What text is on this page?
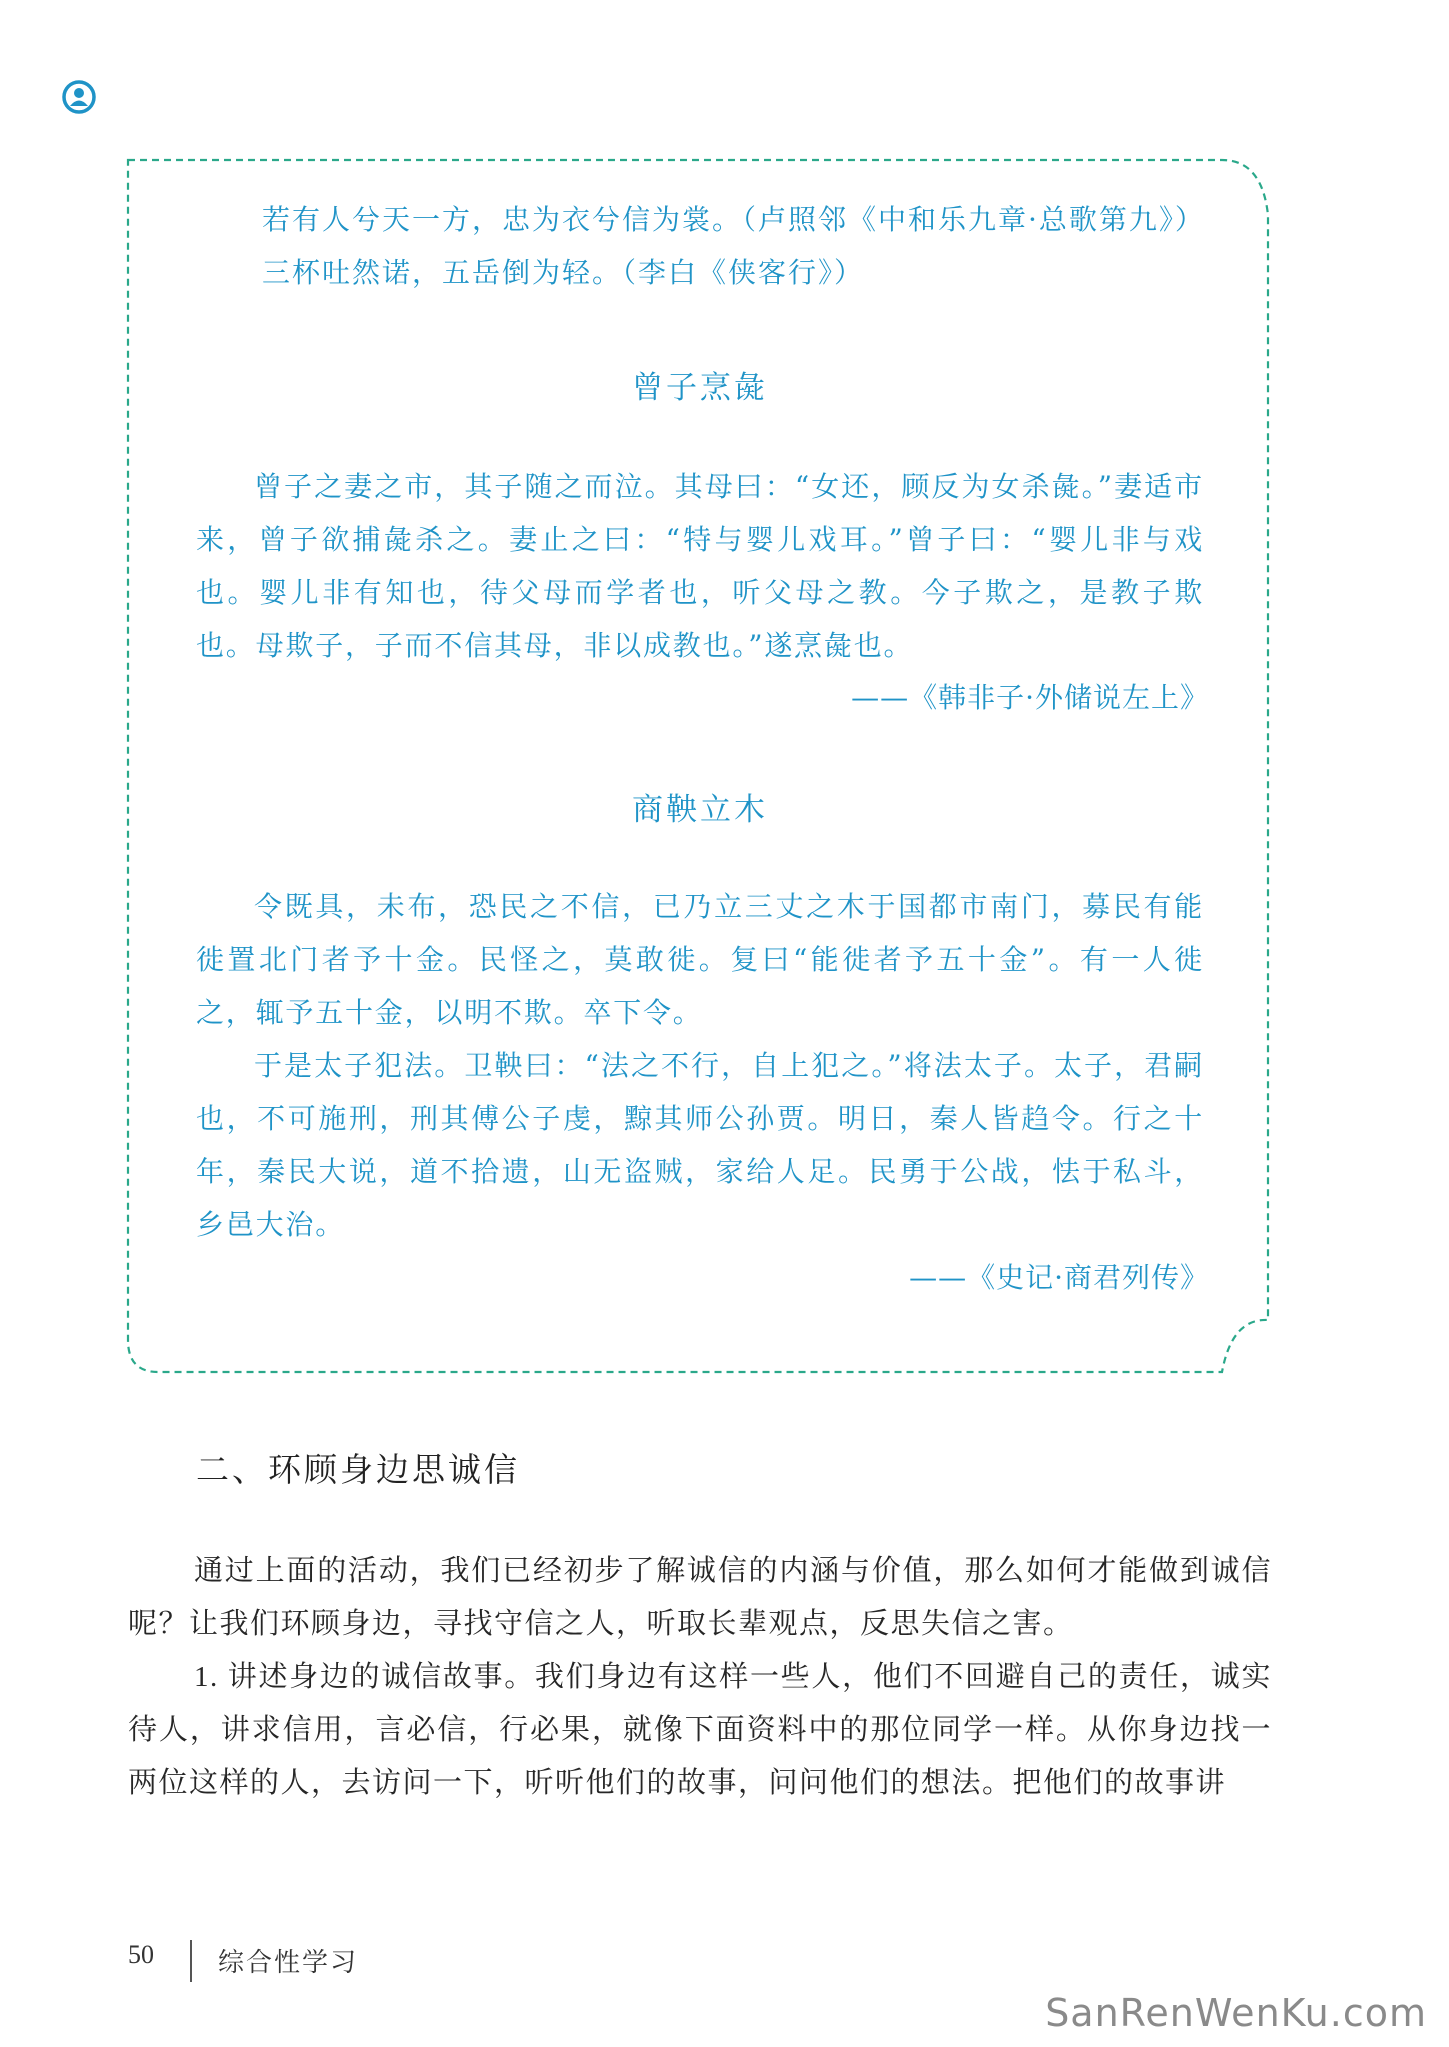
若有人兮天一方，忠为衣兮信为裳。（卢照邻《中和乐九章·总歌第九》）
三杯吐然诺，五岳倒为轻。（李白《侠客行》）
曾子烹彘

曾子之妻之市，其子随之而泣。其母曰：“女还，顾反为女杀彘。”妻适市来，曾子欲捕彘杀之。妻止之曰：“特与婴儿戏耳。”曾子曰：“婴儿非与戏也。婴儿非有知也，待父母而学者也，听父母之教。今子欺之，是教子欺也。母欺子，子而不信其母，非以成教也。”遂烹彘也。

——《韩非子·外储说左上》
商鞅立木

令既具，未布，恐民之不信，已乃立三丈之木于国都市南门，募民有能徙置北门者予十金。民怪之，莫敢徙。复曰“能徙者予五十金”。有一人徙之，辄予五十金，以明不欺。卒下令。

于是太子犯法。卫鞅曰：“法之不行，自上犯之。”将法太子。太子，君嗣也，不可施刑，刑其傅公子虔，黥其师公孙贾。明日，秦人皆趋令。行之十年，秦民大说，道不拾遗，山无盗贼，家给人足。民勇于公战，怯于私斗，乡邑大治。

——《史记·商君列传》
二、环顾身边思诚信

通过上面的活动，我们已经初步了解诚信的内涵与价值，那么如何才能做到诚信呢？让我们环顾身边，寻找守信之人，听取长辈观点，反思失信之害。

1. 讲述身边的诚信故事。我们身边有这样一些人，他们不回避自己的责任，诚实待人，讲求信用，言必信，行必果，就像下面资料中的那位同学一样。从你身边找一两位这样的人，去访问一下，听听他们的故事，问问他们的想法。把他们的故事讲

50 综合性学习
SanRenWenKu.com
